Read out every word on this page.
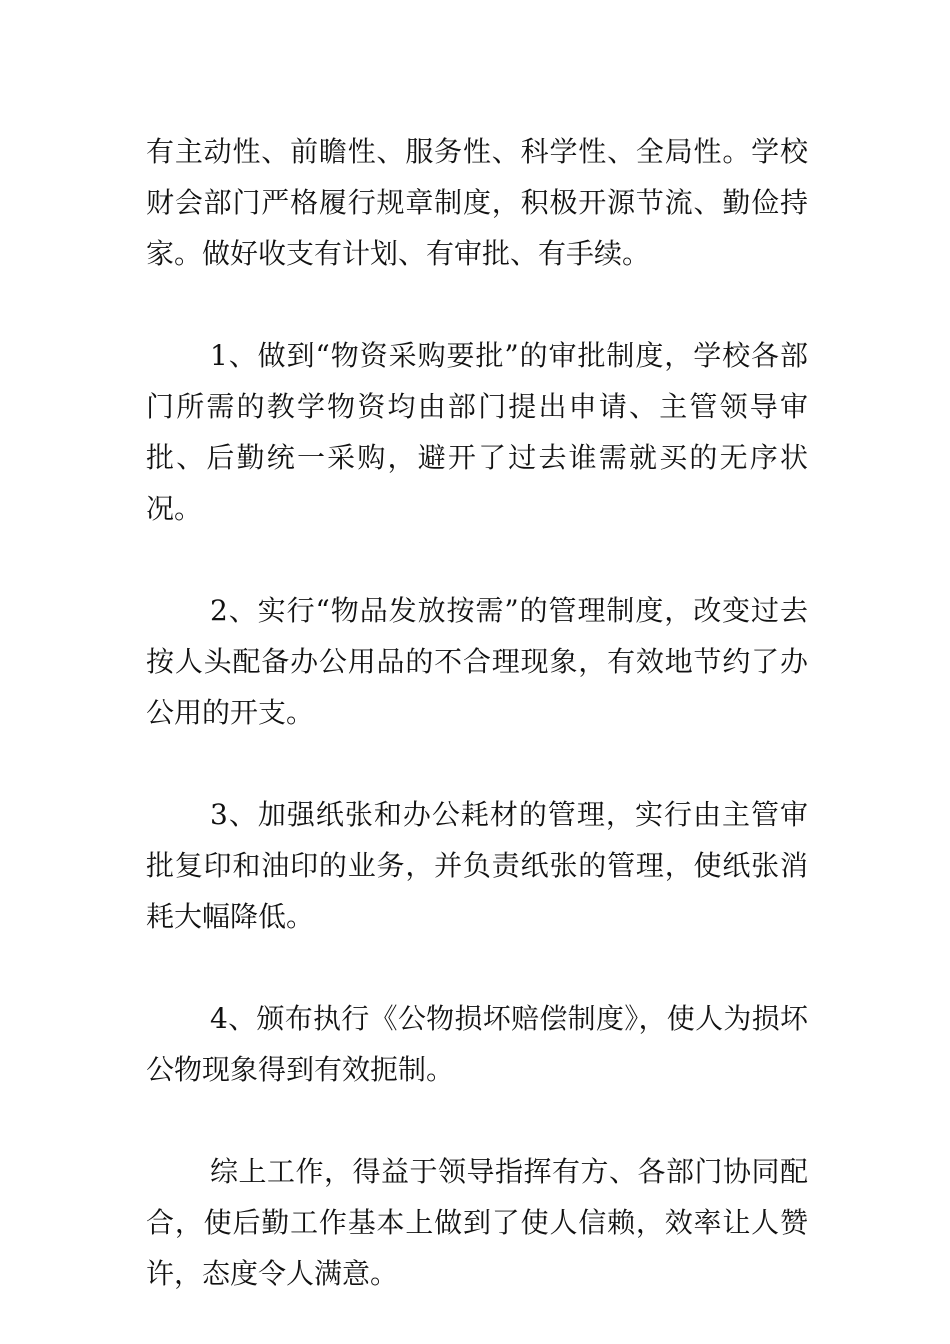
有主动性、前瞻性、服务性、科学性、全局性。学校财会部门严格履行规章制度，积极开源节流、勤俭持家。做好收支有计划、有审批、有手续。

1、做到“物资采购要批”的审批制度，学校各部门所需的教学物资均由部门提出申请、主管领导审批、后勤统一采购，避开了过去谁需就买的无序状况。

2、实行“物品发放按需”的管理制度，改变过去按人头配备办公用品的不合理现象，有效地节约了办公用的开支。

3、加强纸张和办公耗材的管理，实行由主管审批复印和油印的业务，并负责纸张的管理，使纸张消耗大幅降低。

4、颁布执行《公物损坏赔偿制度》，使人为损坏公物现象得到有效扼制。

综上工作，得益于领导指挥有方、各部门协同配合，使后勤工作基本上做到了使人信赖，效率让人赞许，态度令人满意。
